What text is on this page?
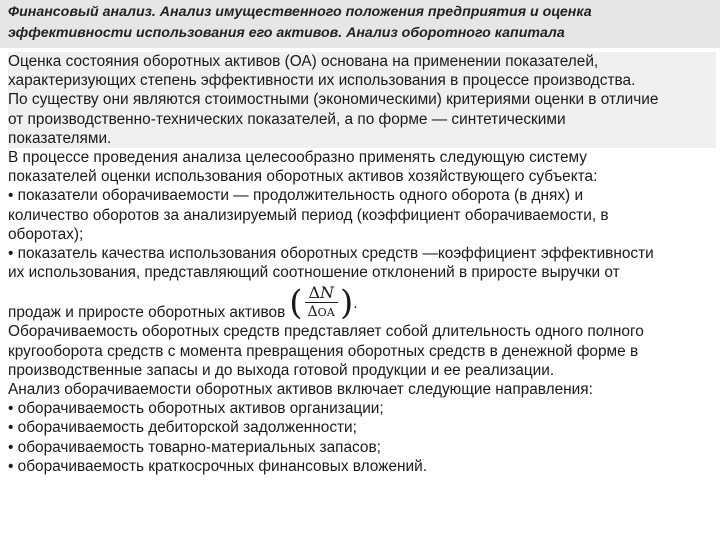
Финансовый анализ. Анализ имущественного положения предприятия и оценка
эффективности использования его активов. Анализ оборотного капитала
Оценка состояния оборотных активов (ОА) основана на применении показателей,
характеризующих степень эффективности их использования в процессе производства.
По существу они являются стоимостными (экономическими) критериями оценки в отличие
от производственно-технических показателей, а по форме — синтетическими
показателями.
В процессе проведения анализа целесообразно применять следующую систему
показателей оценки использования оборотных активов хозяйствующего субъекта:
• показатели оборачиваемости — продолжительность одного оборота (в днях) и
количество оборотов за анализируемый период (коэффициент оборачиваемости, в
оборотах);
• показатель качества использования оборотных средств —коэффициент эффективности
их использования, представляющий соотношение отклонений в приросте выручки от
продаж и приросте оборотных активов ( $\frac{\Delta N}{\text{ΔОА}}$ ) .
Оборачиваемость оборотных средств представляет собой длительность одного полного
кругооборота средств с момента превращения оборотных средств в денежной форме в
производственные запасы и до выхода готовой продукции и ее реализации.
Анализ оборачиваемости оборотных активов включает следующие направления:
• оборачиваемость оборотных активов организации;
• оборачиваемость дебиторской задолженности;
• оборачиваемость товарно-материальных запасов;
• оборачиваемость краткосрочных финансовых вложений.
